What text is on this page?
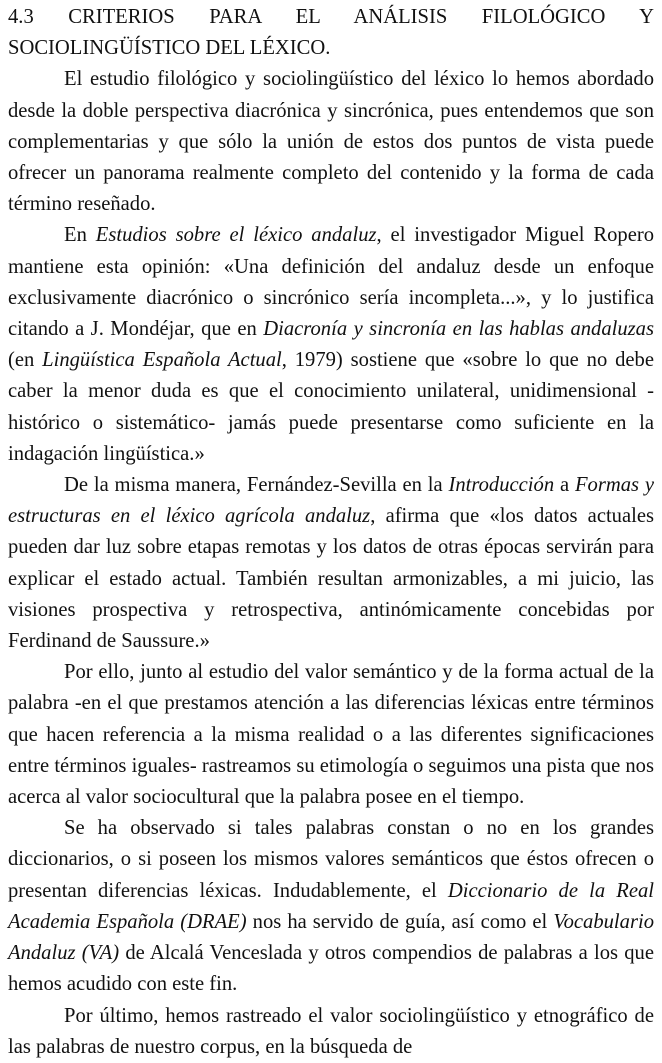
4.3 CRITERIOS PARA EL ANÁLISIS FILOLÓGICO Y SOCIOLINGÜÍSTICO DEL LÉXICO.

El estudio filológico y sociolingüístico del léxico lo hemos abordado desde la doble perspectiva diacrónica y sincrónica, pues entendemos que son complementarias y que sólo la unión de estos dos puntos de vista puede ofrecer un panorama realmente completo del contenido y la forma de cada término reseñado.

En Estudios sobre el léxico andaluz, el investigador Miguel Ropero mantiene esta opinión: «Una definición del andaluz desde un enfoque exclusivamente diacrónico o sincrónico sería incompleta...», y lo justifica citando a J. Mondéjar, que en Diacronía y sincronía en las hablas andaluzas (en Lingüística Española Actual, 1979) sostiene que «sobre lo que no debe caber la menor duda es que el conocimiento unilateral, unidimensional -histórico o sistemático- jamás puede presentarse como suficiente en la indagación lingüística.»

De la misma manera, Fernández-Sevilla en la Introducción a Formas y estructuras en el léxico agrícola andaluz, afirma que «los datos actuales pueden dar luz sobre etapas remotas y los datos de otras épocas servirán para explicar el estado actual. También resultan armonizables, a mi juicio, las visiones prospectiva y retrospectiva, antinómicamente concebidas por Ferdinand de Saussure.»

Por ello, junto al estudio del valor semántico y de la forma actual de la palabra -en el que prestamos atención a las diferencias léxicas entre términos que hacen referencia a la misma realidad o a las diferentes significaciones entre términos iguales- rastreamos su etimología o seguimos una pista que nos acerca al valor sociocultural que la palabra posee en el tiempo.

Se ha observado si tales palabras constan o no en los grandes diccionarios, o si poseen los mismos valores semánticos que éstos ofrecen o presentan diferencias léxicas. Indudablemente, el Diccionario de la Real Academia Española (DRAE) nos ha servido de guía, así como el Vocabulario Andaluz (VA) de Alcalá Venceslada y otros compendios de palabras a los que hemos acudido con este fin.

Por último, hemos rastreado el valor sociolingüístico y etnográfico de las palabras de nuestro corpus, en la búsqueda de
